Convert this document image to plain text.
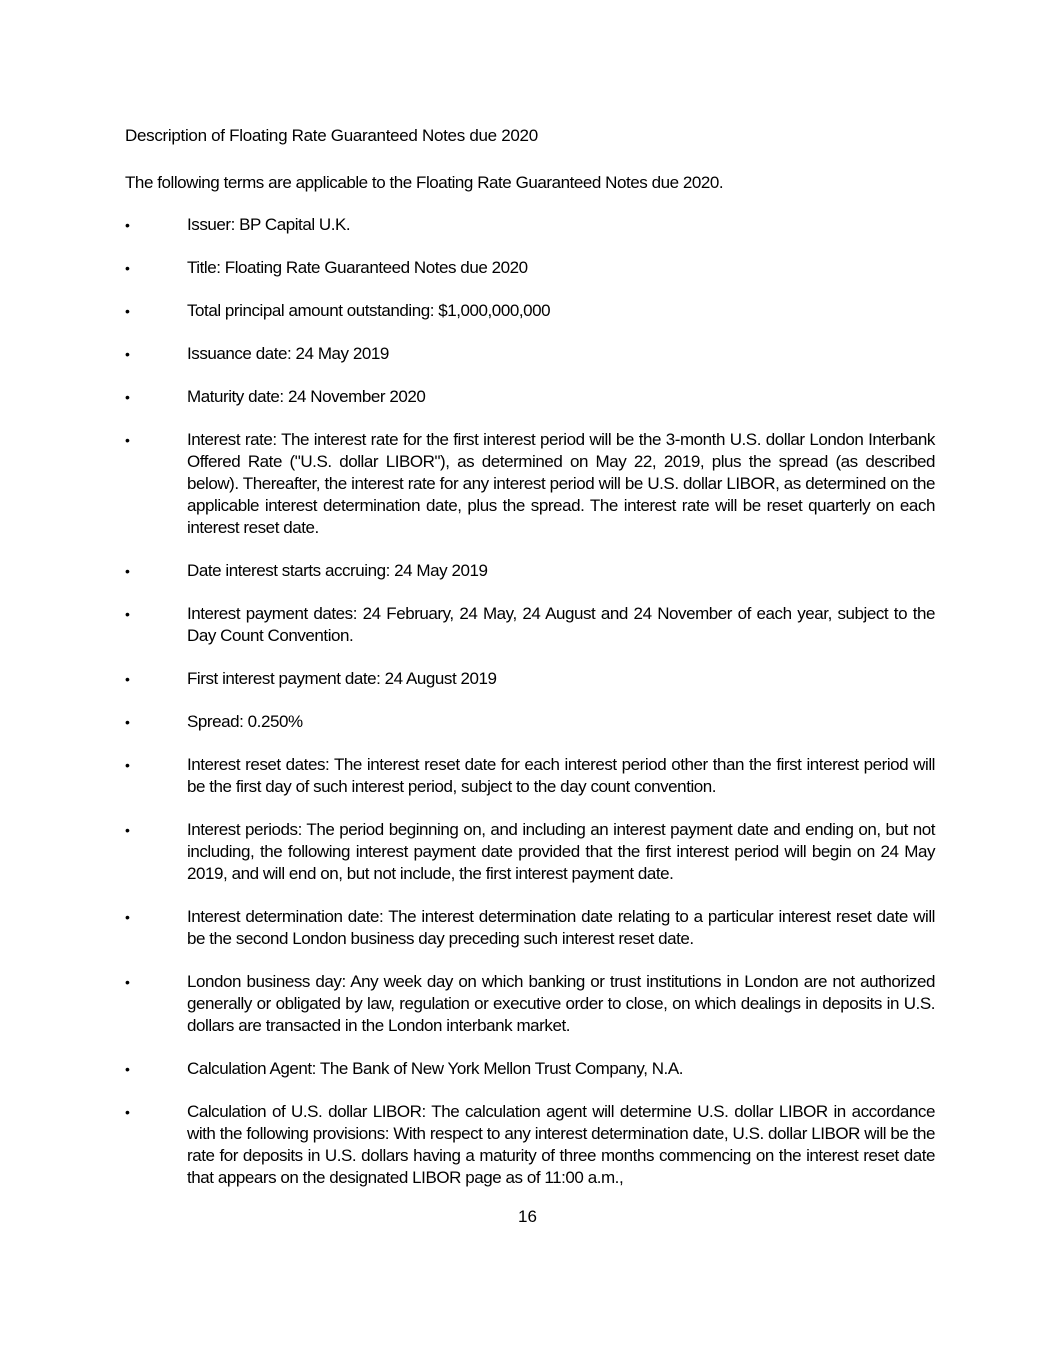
Description of Floating Rate Guaranteed Notes due 2020
The following terms are applicable to the Floating Rate Guaranteed Notes due 2020.
•	Issuer: BP Capital U.K.
•	Title: Floating Rate Guaranteed Notes due 2020
•	Total principal amount outstanding: $1,000,000,000
•	Issuance date: 24 May 2019
•	Maturity date: 24 November 2020
•	Interest rate: The interest rate for the first interest period will be the 3-month U.S. dollar London Interbank Offered Rate ("U.S. dollar LIBOR"), as determined on May 22, 2019, plus the spread (as described below). Thereafter, the interest rate for any interest period will be U.S. dollar LIBOR, as determined on the applicable interest determination date, plus the spread. The interest rate will be reset quarterly on each interest reset date.
•	Date interest starts accruing: 24 May 2019
•	Interest payment dates: 24 February, 24 May, 24 August and 24 November of each year, subject to the Day Count Convention.
•	First interest payment date: 24 August 2019
•	Spread: 0.250%
•	Interest reset dates: The interest reset date for each interest period other than the first interest period will be the first day of such interest period, subject to the day count convention.
•	Interest periods: The period beginning on, and including an interest payment date and ending on, but not including, the following interest payment date provided that the first interest period will begin on 24 May 2019, and will end on, but not include, the first interest payment date.
•	Interest determination date: The interest determination date relating to a particular interest reset date will be the second London business day preceding such interest reset date.
•	London business day: Any week day on which banking or trust institutions in London are not authorized generally or obligated by law, regulation or executive order to close, on which dealings in deposits in U.S. dollars are transacted in the London interbank market.
•	Calculation Agent: The Bank of New York Mellon Trust Company, N.A.
•	Calculation of U.S. dollar LIBOR: The calculation agent will determine U.S. dollar LIBOR in accordance with the following provisions: With respect to any interest determination date, U.S. dollar LIBOR will be the rate for deposits in U.S. dollars having a maturity of three months commencing on the interest reset date that appears on the designated LIBOR page as of 11:00 a.m.,
16
